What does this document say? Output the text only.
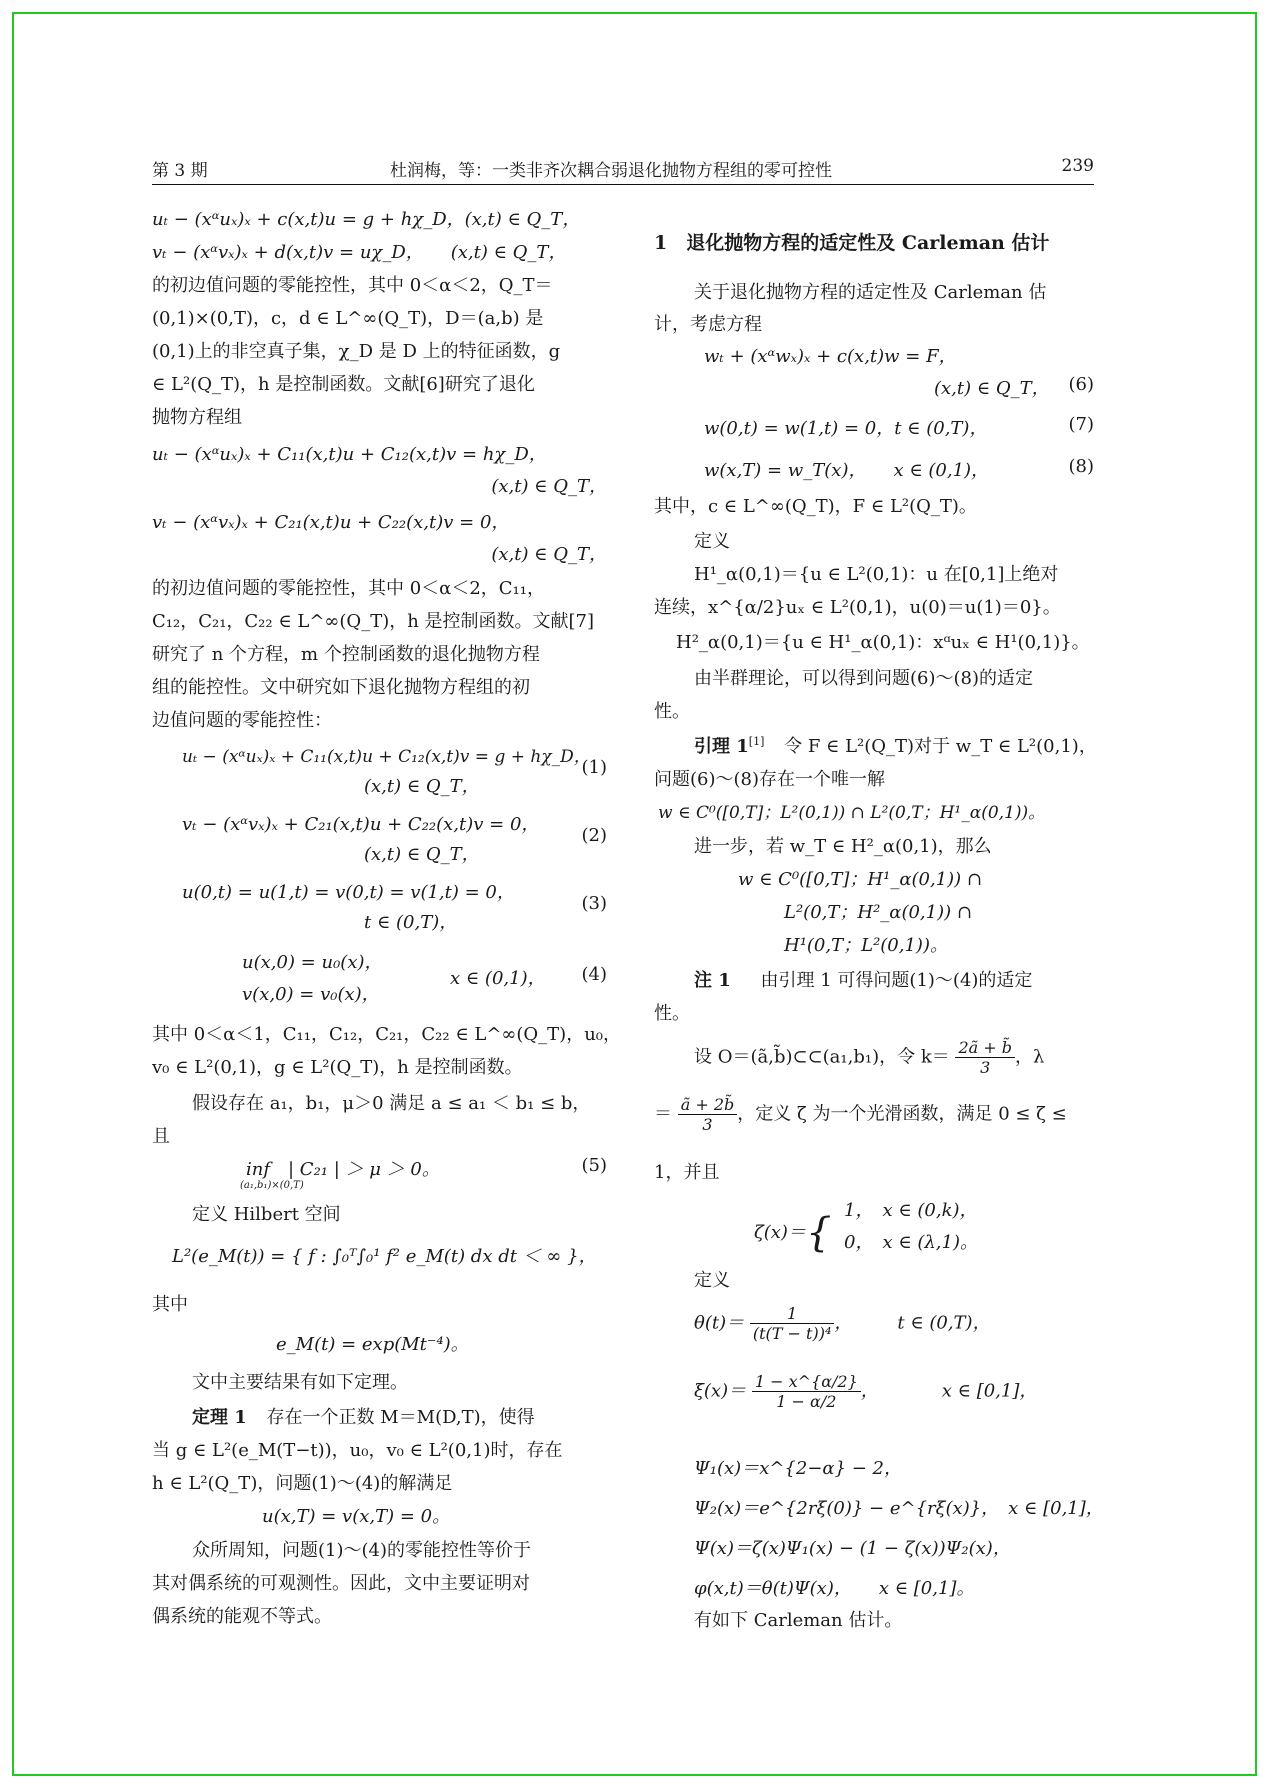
第 3 期	杜润梅，等：一类非齐次耦合弱退化抛物方程组的零可控性	239
uₜ − (xᵅuₓ)ₓ + c(x,t)u = g + hχ_D，(x,t) ∈ Q_T，
vₜ − (xᵅvₓ)ₓ + d(x,t)v = uχ_D，　　(x,t) ∈ Q_T，
的初边值问题的零能控性，其中 0＜α＜2，Q_T＝
(0,1)×(0,T)，c，d ∈ L^∞(Q_T)，D＝(a,b) 是
(0,1)上的非空真子集，χ_D 是 D 上的特征函数，g
∈ L²(Q_T)，h 是控制函数。文献[6]研究了退化
抛物方程组
uₜ − (xᵅuₓ)ₓ + C₁₁(x,t)u + C₁₂(x,t)v = hχ_D，
(x,t) ∈ Q_T，
vₜ − (xᵅvₓ)ₓ + C₂₁(x,t)u + C₂₂(x,t)v = 0，
(x,t) ∈ Q_T，
的初边值问题的零能控性，其中 0＜α＜2，C₁₁，
C₁₂，C₂₁，C₂₂ ∈ L^∞(Q_T)，h 是控制函数。文献[7]
研究了 n 个方程，m 个控制函数的退化抛物方程
组的能控性。文中研究如下退化抛物方程组的初
边值问题的零能控性：
uₜ − (xᵅuₓ)ₓ + C₁₁(x,t)u + C₁₂(x,t)v = g + hχ_D，
(x,t) ∈ Q_T，
(1)
vₜ − (xᵅvₓ)ₓ + C₂₁(x,t)u + C₂₂(x,t)v = 0，
(x,t) ∈ Q_T，
(2)
u(0,t) = u(1,t) = v(0,t) = v(1,t) = 0，
t ∈ (0,T)，
(3)
u(x,0) = u₀(x)，
v(x,0) = v₀(x)，
x ∈ (0,1)， (4)
其中 0＜α＜1，C₁₁，C₁₂，C₂₁，C₂₂ ∈ L^∞(Q_T)，u₀，
v₀ ∈ L²(0,1)，g ∈ L²(Q_T)，h 是控制函数。
假设存在 a₁，b₁，μ＞0 满足 a ≤ a₁ ＜ b₁ ≤ b，
且
inf　| C₂₁ | ＞ μ ＞ 0。
(a₁,b₁)×(0,T)
(5)
定义 Hilbert 空间
L²(e_M(t)) = { f : ∫₀ᵀ∫₀¹ f² e_M(t) dx dt ＜ ∞ }，
其中
e_M(t) = exp(Mt⁻⁴)。
文中主要结果有如下定理。
定理 1 存在一个正数 M＝M(D,T)，使得
当 g ∈ L²(e_M(T−t))，u₀，v₀ ∈ L²(0,1)时，存在
h ∈ L²(Q_T)，问题(1)～(4)的解满足
u(x,T) = v(x,T) = 0。
众所周知，问题(1)～(4)的零能控性等价于
其对偶系统的可观测性。因此，文中主要证明对
偶系统的能观不等式。
1　退化抛物方程的适定性及 Carleman 估计
关于退化抛物方程的适定性及 Carleman 估
计，考虑方程
wₜ + (xᵅwₓ)ₓ + c(x,t)w = F，
(x,t) ∈ Q_T， (6)
w(0,t) = w(1,t) = 0，t ∈ (0,T)，	(7)
w(x,T) = w_T(x)，　　x ∈ (0,1)，	(8)
其中，c ∈ L^∞(Q_T)，F ∈ L²(Q_T)。
定义
H¹_α(0,1)＝{u ∈ L²(0,1)：u 在[0,1]上绝对
连续，x^{α/2}uₓ ∈ L²(0,1)，u(0)＝u(1)＝0}。
H²_α(0,1)＝{u ∈ H¹_α(0,1)：xᵅuₓ ∈ H¹(0,1)}。
由半群理论，可以得到问题(6)～(8)的适定
性。
引理 1[1] 令 F ∈ L²(Q_T)对于 w_T ∈ L²(0,1)，
问题(6)～(8)存在一个唯一解
w ∈ C⁰([0,T]；L²(0,1)) ∩ L²(0,T；H¹_α(0,1))。
进一步，若 w_T ∈ H²_α(0,1)，那么
w ∈ C⁰([0,T]；H¹_α(0,1)) ∩
L²(0,T；H²_α(0,1)) ∩
H¹(0,T；L²(0,1))。
注 1 由引理 1 可得问题(1)～(4)的适定
性。
设 O＝(ã,b̃)⊂⊂(a₁,b₁)，令 $k= \frac{2ã + b̃}{3}$ ，λ
＝ $\frac{ã + 2b̃}{3}$ ，定义 ζ 为一个光滑函数，满足 0 ≤ ζ ≤
1，并且
ζ(x)＝{ 1，　x ∈ (0,k)，
0，　x ∈ (λ,1)。
定义
$\theta(t)= \frac{1}{\text{(t(T − t))⁴}}$ ，　　　t ∈ (0,T)，
$\xi(x)= \frac{1 - x\^{}\{\alpha/2\}}{1 - \alpha/2}$ ，　　　　x ∈ [0,1]，
Ψ₁(x)＝x^{2−α} − 2，
Ψ₂(x)＝e^{2rξ(0)} − e^{rξ(x)}，　x ∈ [0,1]，
Ψ(x)＝ζ(x)Ψ₁(x) − (1 − ζ(x))Ψ₂(x)，
φ(x,t)＝θ(t)Ψ(x)，　　x ∈ [0,1]。
有如下 Carleman 估计。
